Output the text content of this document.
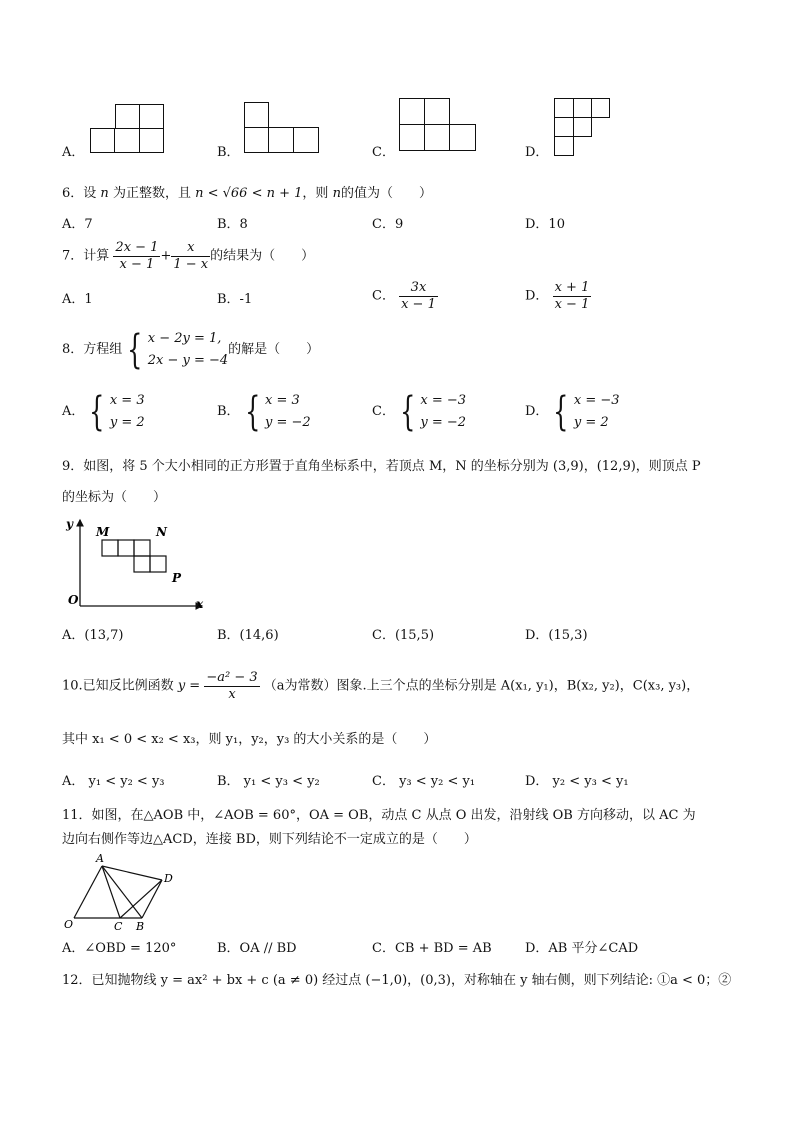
A．	B．	C．	D．
6．设 n 为正整数，且 n < √66 < n + 1，则 n的值为（　　）
A．7	B．8	C．9	D．10
7．计算 $\frac{2x - 1}{x - 1} + \frac{x}{1 - x}$ 的结果为（　　）
A．1	B．-1	C． $\frac{3x}{x - 1}$	D． $\frac{x + 1}{x - 1}$
8．方程组 { x − 2y = 1,
2x − y = −4
的解是（　　）
A． { x = 3
y = 2
B． { x = 3
y = −2
C． { x = −3
y = −2
D． { x = −3
y = 2
9．如图，将 5 个大小相同的正方形置于直角坐标系中，若顶点 M，N 的坐标分别为 (3,9)，(12,9)，则顶点 P
的坐标为（　　）
y
x
O
M	N
P
A．(13,7)	B．(14,6)	C．(15,5)	D．(15,3)
10.已知反比例函数 $y = \frac{\text{−a² − 3}}{x} (a$为常数）图象.上三个点的坐标分别是 A(x₁, y₁)，B(x₂, y₂)，C(x₃, y₃)，
其中 x₁ < 0 < x₂ < x₃，则 y₁，y₂，y₃ 的大小关系的是（　　）
A． y₁ < y₂ < y₃	B． y₁ < y₃ < y₂	C． y₃ < y₂ < y₁	D． y₂ < y₃ < y₁
11．如图，在△AOB 中，∠AOB = 60°，OA = OB，动点 C 从点 O 出发，沿射线 OB 方向移动，以 AC 为
边向右侧作等边△ACD，连接 BD，则下列结论不一定成立的是（　　）
A
O	C B
D
A．∠OBD = 120°	B．OA // BD	C．CB + BD = AB	D．AB 平分∠CAD
12．已知抛物线 y = ax² + bx + c (a ≠ 0) 经过点 (−1,0)，(0,3)，对称轴在 y 轴右侧，则下列结论: ①a < 0；②
